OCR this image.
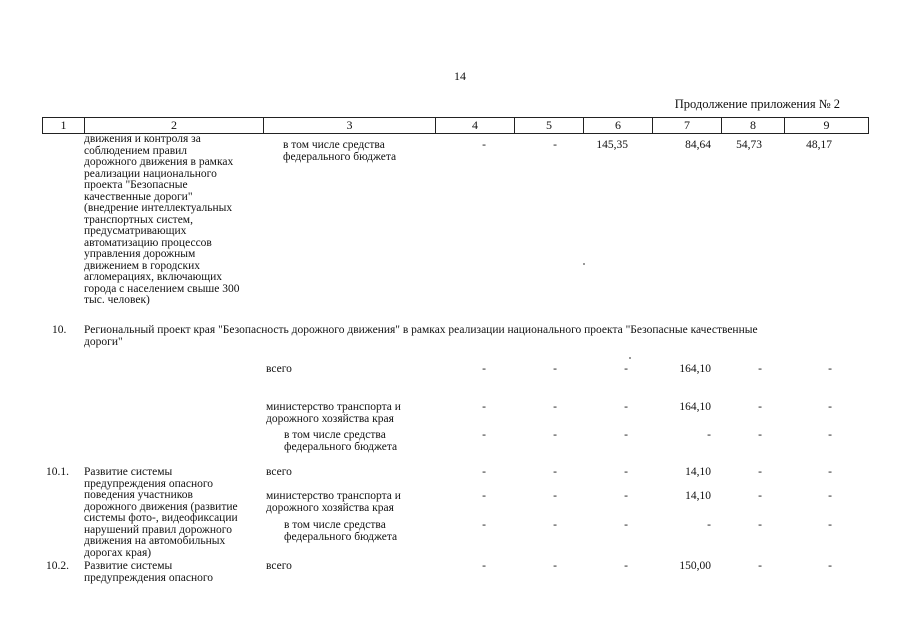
14
Продолжение приложения № 2
1	2	3	4	5	6	7	8	9
движения и контроля за
соблюдением правил
дорожного движения в рамках
реализации национального
проекта "Безопасные
качественные дороги"
(внедрение интеллектуальных
транспортных систем,
предусматривающих
автоматизацию процессов
управления дорожным
движением в городских
агломерациях, включающих
города с населением свыше 300
тыс. человек)
в том числе средства
федерального бюджета
-	-	145,35	84,64	54,73	48,17
10. Региональный проект края "Безопасность дорожного движения" в рамках реализации национального проекта "Безопасные качественные
дороги"
всего	-	-	-	164,10	-	-
министерство транспорта и
дорожного хозяйства края
-	-	-	164,10	-	-
в том числе средства
федерального бюджета
-	-	-	-	-	-
10.1. Развитие системы
предупреждения опасного
поведения участников
дорожного движения (развитие
системы фото-, видеофиксации
нарушений правил дорожного
движения на автомобильных
дорогах края)
всего	-	-	-	14,10	-	-
министерство транспорта и
дорожного хозяйства края
-	-	-	14,10	-	-
в том числе средства
федерального бюджета
-	-	-	-	-	-
10.2. Развитие системы
предупреждения опасного
всего	-	-	-	150,00	-	-
